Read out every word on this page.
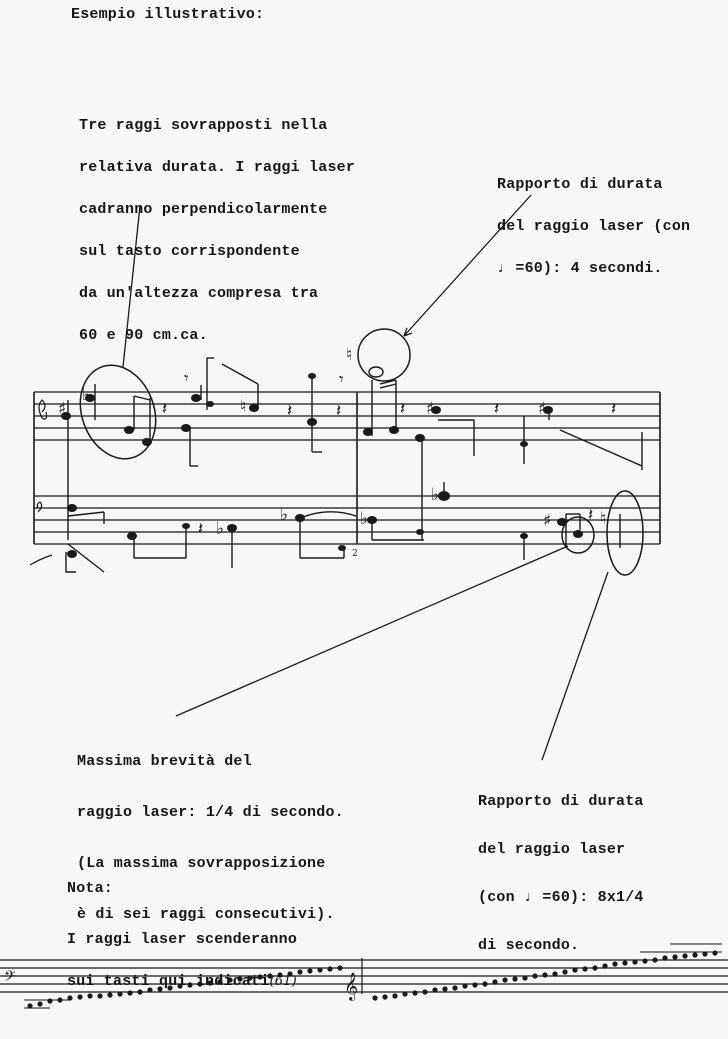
♯
♭
𝄽
𝄾
♮ 𝄽	𝄽
𝄾
♮
𝄽 ♯	𝄽 ♯	𝄽
𝄽 ♭
♭	♭
♭
♯ 𝄽 ♮
2
𝄢	𝄞
Esempio illustrativo:

Tre raggi sovrapposti nella

relativa durata. I raggi laser

cadranno perpendicolarmente

sul tasto corrispondente

da un'altezza compresa tra

60 e 90 cm.ca.

Rapporto di durata

del raggio laser (con

♩ =60): 4 secondi.

Massima brevità del

raggio laser: 1/4 di secondo.

(La massima sovrapposizione

è di sei raggi consecutivi).

Rapporto di durata

del raggio laser

(con ♩ =60): 8x1/4

di secondo.

Nota:

I raggi laser scenderanno

sui tasti qui indicati(61)
